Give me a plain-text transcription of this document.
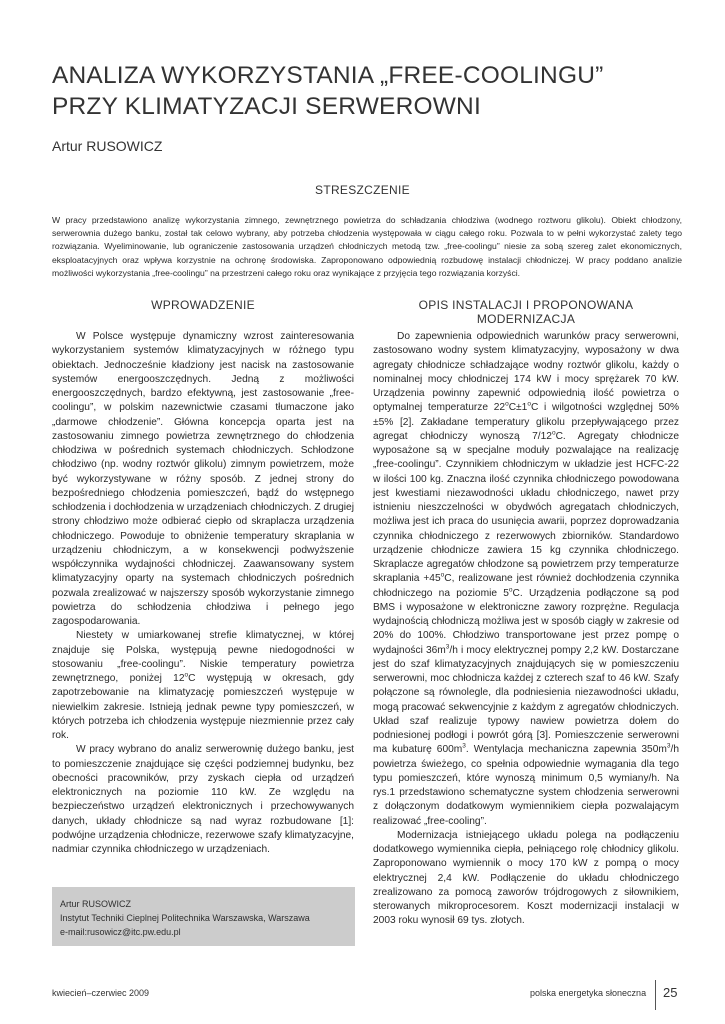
ANALIZA WYKORZYSTANIA „FREE-COOLINGU”
PRZY KLIMATYZACJI SERWEROWNI
Artur RUSOWICZ
STRESZCZENIE

W pracy przedstawiono analizę wykorzystania zimnego, zewnętrznego powietrza do schładzania chłodziwa (wodnego roztworu glikolu). Obiekt chłodzony, serwerownia dużego banku, został tak celowo wybrany, aby potrzeba chłodzenia występowała w ciągu całego roku. Pozwala to w pełni wykorzystać zalety tego rozwiązania. Wyeliminowanie, lub ograniczenie zastosowania urządzeń chłodniczych metodą tzw. „free-coolingu” niesie za sobą szereg zalet ekonomicznych, eksploatacyjnych oraz wpływa korzystnie na ochronę środowiska. Zaproponowano odpowiednią rozbudowę instalacji chłodniczej. W pracy poddano analizie możliwości wykorzystania „free-coolingu” na przestrzeni całego roku oraz wynikające z przyjęcia tego rozwiązania korzyści.

WPROWADZENIE	OPIS INSTALACJI I PROPONOWANA MODERNIZACJA

W Polsce występuje dynamiczny wzrost zainteresowania wykorzystaniem systemów klimatyzacyjnych w różnego typu obiektach. Jednocześnie kładziony jest nacisk na zastosowanie systemów energooszczędnych. Jedną z możliwości energooszczędnych, bardzo efektywną, jest zastosowanie „free-coolingu”, w polskim nazewnictwie czasami tłumaczone jako „darmowe chłodzenie”. Główna koncepcja oparta jest na zastosowaniu zimnego powietrza zewnętrznego do chłodzenia chłodziwa w pośrednich systemach chłodniczych. Schłodzone chłodziwo (np. wodny roztwór glikolu) zimnym powietrzem, może być wykorzystywane w różny sposób. Z jednej strony do bezpośredniego chłodzenia pomieszczeń, bądź do wstępnego schłodzenia i dochłodzenia w urządzeniach chłodniczych. Z drugiej strony chłodziwo może odbierać ciepło od skraplacza urządzenia chłodniczego. Powoduje to obniżenie temperatury skraplania w urządzeniu chłodniczym, a w konsekwencji podwyższenie współczynnika wydajności chłodniczej. Zaawansowany system klimatyzacyjny oparty na systemach chłodniczych pośrednich pozwala zrealizować w najszerszy sposób wykorzystanie zimnego powietrza do schłodzenia chłodziwa i pełnego jego zagospodarowania.

Niestety w umiarkowanej strefie klimatycznej, w której znajduje się Polska, występują pewne niedogodności w stosowaniu „free-coolingu”. Niskie temperatury powietrza zewnętrznego, poniżej 12$^o$C występują w okresach, gdy zapotrzebowanie na klimatyzację pomieszczeń występuje w niewielkim zakresie. Istnieją jednak pewne typy pomieszczeń, w których potrzeba ich chłodzenia występuje niezmiennie przez cały rok.

W pracy wybrano do analiz serwerownię dużego banku, jest to pomieszczenie znajdujące się części podziemnej budynku, bez obecności pracowników, przy zyskach ciepła od urządzeń elektronicznych na poziomie 110 kW. Ze względu na bezpieczeństwo urządzeń elektronicznych i przechowywanych danych, układy chłodnicze są nad wyraz rozbudowane [1]: podwójne urządzenia chłodnicze, rezerwowe szafy klimatyzacyjne, nadmiar czynnika chłodniczego w urządzeniach.

Do zapewnienia odpowiednich warunków pracy serwerowni, zastosowano wodny system klimatyzacyjny, wyposażony w dwa agregaty chłodnicze schładzające wodny roztwór glikolu, każdy o nominalnej mocy chłodniczej 174 kW i mocy sprężarek 70 kW. Urządzenia powinny zapewnić odpowiednią ilość powietrza o optymalnej temperaturze $22^oC\pm 1^oC$ i wilgotności względnej 50%±5% [2]. Zakładane temperatury glikolu przepływającego przez agregat chłodniczy wynoszą 7/12$^o$C. Agregaty chłodnicze wyposażone są w specjalne moduły pozwalające na realizację „free-coolingu”. Czynnikiem chłodniczym w układzie jest HCFC-22 w ilości 100 kg. Znaczna ilość czynnika chłodniczego powodowana jest kwestiami niezawodności układu chłodniczego, nawet przy istnieniu nieszczelności w obydwóch agregatach chłodniczych, możliwa jest ich praca do usunięcia awarii, poprzez doprowadzania czynnika chłodniczego z rezerwowych zbiorników. Standardowo urządzenie chłodnicze zawiera 15 kg czynnika chłodniczego. Skraplacze agregatów chłodzone są powietrzem przy temperaturze skraplania $+45^oC$, realizowane jest również dochłodzenia czynnika chłodniczego na poziomie 5$^o$C. Urządzenia podłączone są pod BMS i wyposażone w elektroniczne zawory rozprężne. Regulacja wydajnością chłodniczą możliwa jest w sposób ciągły w zakresie od 20% do 100%. Chłodziwo transportowane jest przez pompę o wydajności $36m^3/h$ i mocy elektrycznej pompy 2,2 kW. Dostarczane jest do szaf klimatyzacyjnych znajdujących się w pomieszczeniu serwerowni, moc chłodnicza każdej z czterech szaf to 46 kW. Szafy połączone są równolegle, dla podniesienia niezawodności układu, mogą pracować sekwencyjnie z każdym z agregatów chłodniczych. Układ szaf realizuje typowy nawiew powietrza dołem do podniesionej podłogi i powrót górą [3]. Pomieszczenie serwerowni ma kubaturę $600m^3$. Wentylacja mechaniczna zapewnia $350m^3/h$ powietrza świeżego, co spełnia odpowiednie wymagania dla tego typu pomieszczeń, które wynoszą minimum 0,5 wymiany/h. Na rys.1 przedstawiono schematyczne system chłodzenia serwerowni z dołączonym dodatkowym wymiennikiem ciepła pozwalającym realizować „free-cooling”.

Modernizacja istniejącego układu polega na podłączeniu dodatkowego wymiennika ciepła, pełniącego rolę chłodnicy glikolu. Zaproponowano wymiennik o mocy 170 kW z pompą o mocy elektrycznej 2,4 kW. Podłączenie do układu chłodniczego zrealizowano za pomocą zaworów trójdrogowych z siłownikiem, sterowanych mikroprocesorem. Koszt modernizacji instalacji w 2003 roku wynosił 69 tys. złotych.

Artur RUSOWICZ
Instytut Techniki Cieplnej Politechnika Warszawska, Warszawa
e-mail:rusowicz@itc.pw.edu.pl
kwiecień–czerwiec 2009	polska energetyka słoneczna 25
